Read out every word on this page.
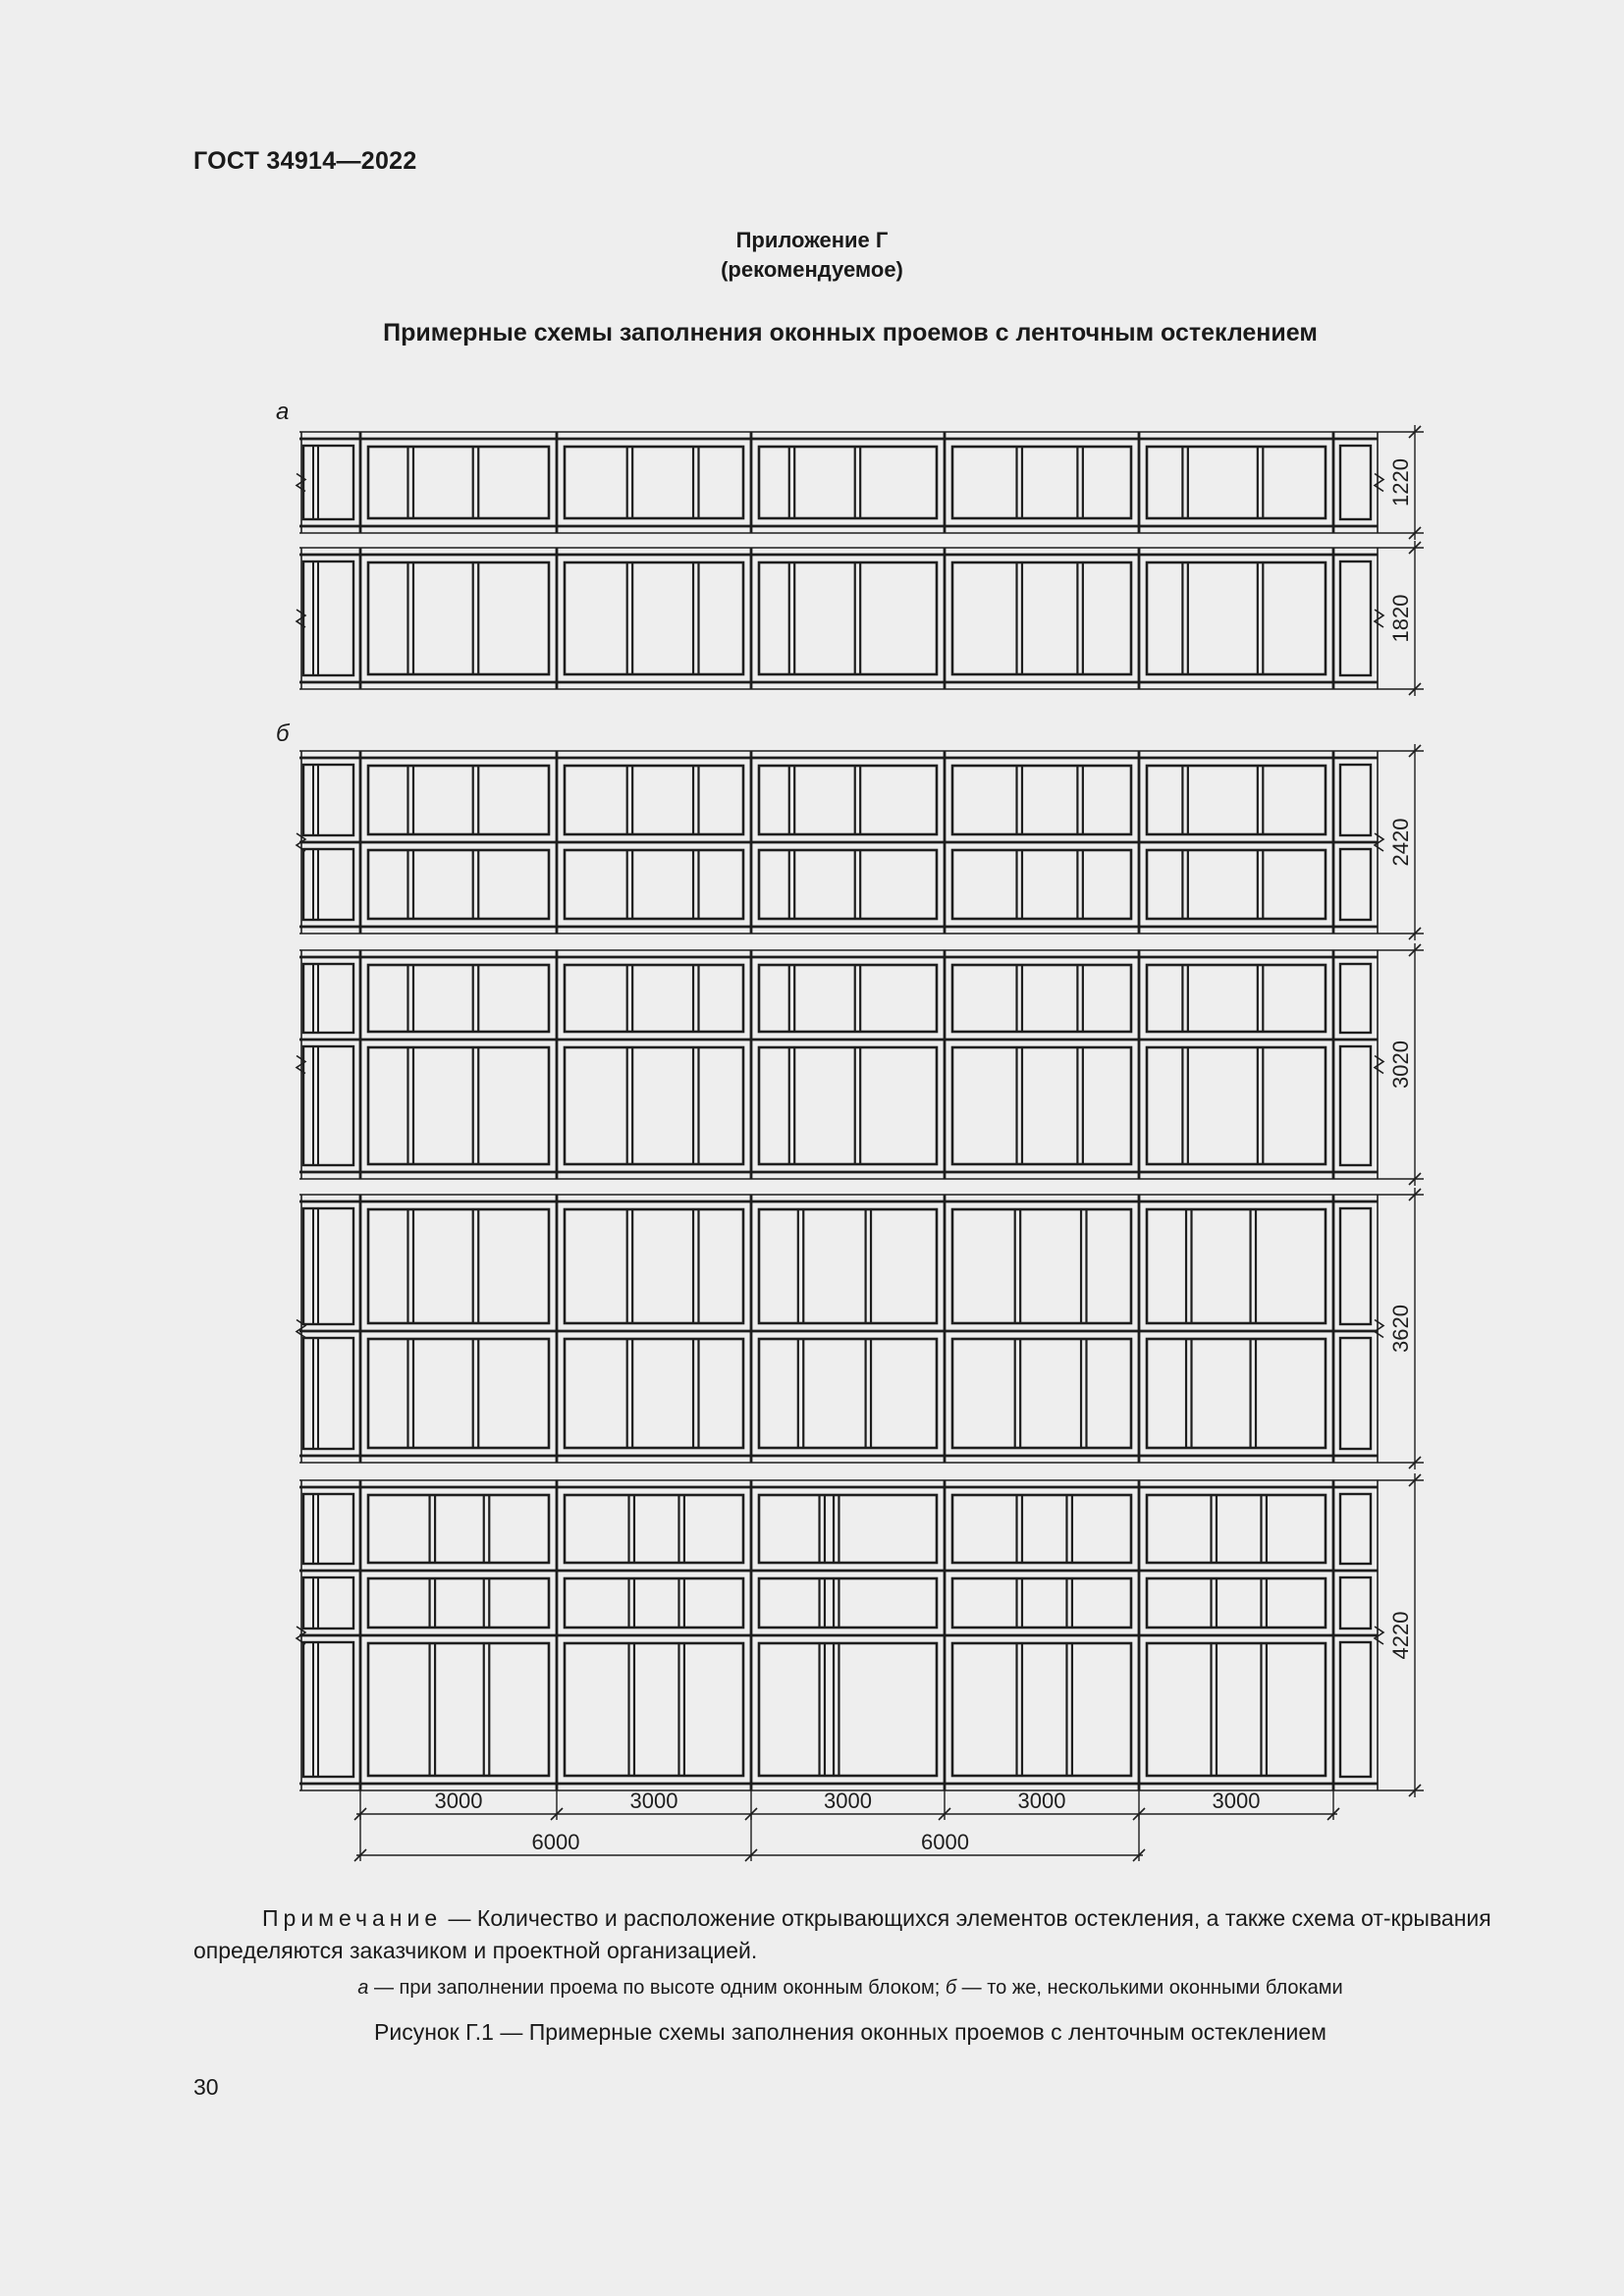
ГОСТ 34914—2022

Приложение Г

(рекомендуемое)

Примерные схемы заполнения оконных проемов с ленточным остеклением

а
б
1220
1820
2420
3020
3620
4220
3000	3000	3000	3000	3000
6000	6000

Примечание — Количество и расположение открывающихся элементов остекления, а также схема от-крывания определяются заказчиком и проектной организацией.

а — при заполнении проема по высоте одним оконным блоком; б — то же, несколькими оконными блоками

Рисунок Г.1 — Примерные схемы заполнения оконных проемов с ленточным остеклением

30
